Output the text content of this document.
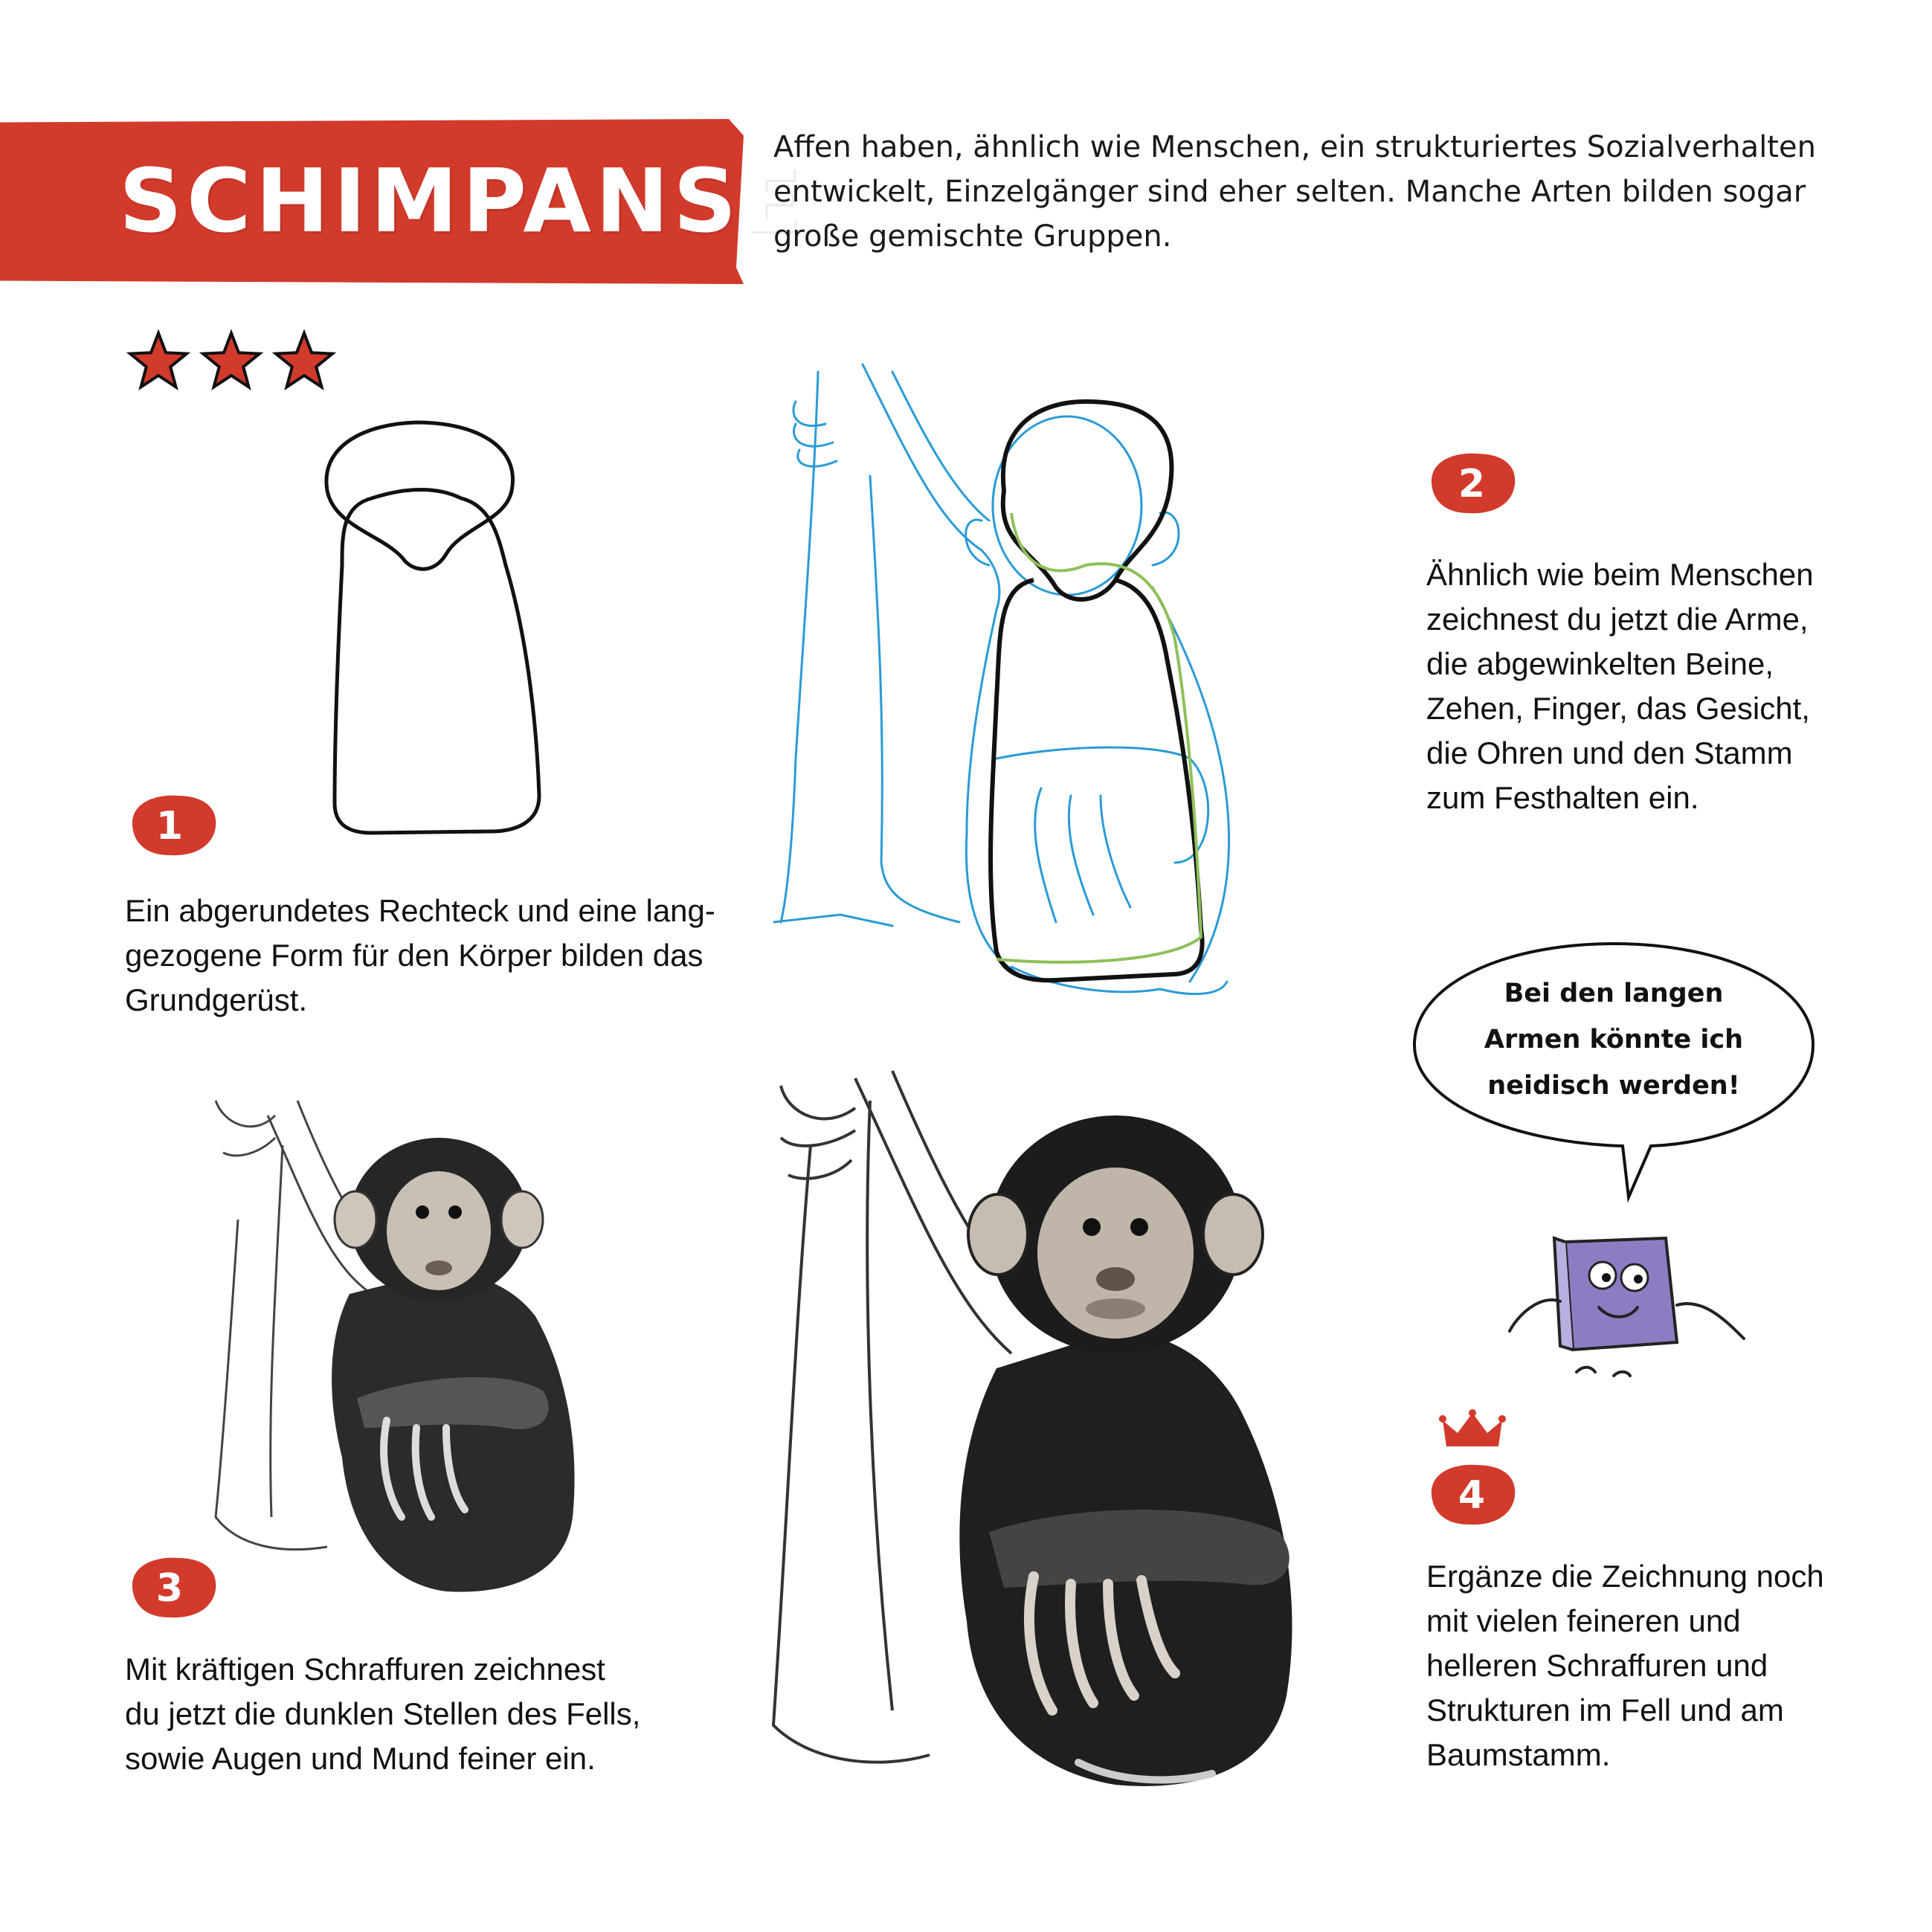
SCHIMPANSE
Affen haben, ähnlich wie Menschen, ein strukturiertes Sozialverhalten
entwickelt, Einzelgänger sind eher selten. Manche Arten bilden sogar
große gemischte Gruppen.
1
2
3
4
Ein abgerundetes Rechteck und eine lang-
gezogene Form für den Körper bilden das
Grundgerüst.
Ähnlich wie beim Menschen
zeichnest du jetzt die Arme,
die abgewinkelten Beine,
Zehen, Finger, das Gesicht,
die Ohren und den Stamm
zum Festhalten ein.
Mit kräftigen Schraffuren zeichnest
du jetzt die dunklen Stellen des Fells,
sowie Augen und Mund feiner ein.
Ergänze die Zeichnung noch
mit vielen feineren und
helleren Schraffuren und
Strukturen im Fell und am
Baumstamm.
Bei den langen
Armen könnte ich
neidisch werden!
